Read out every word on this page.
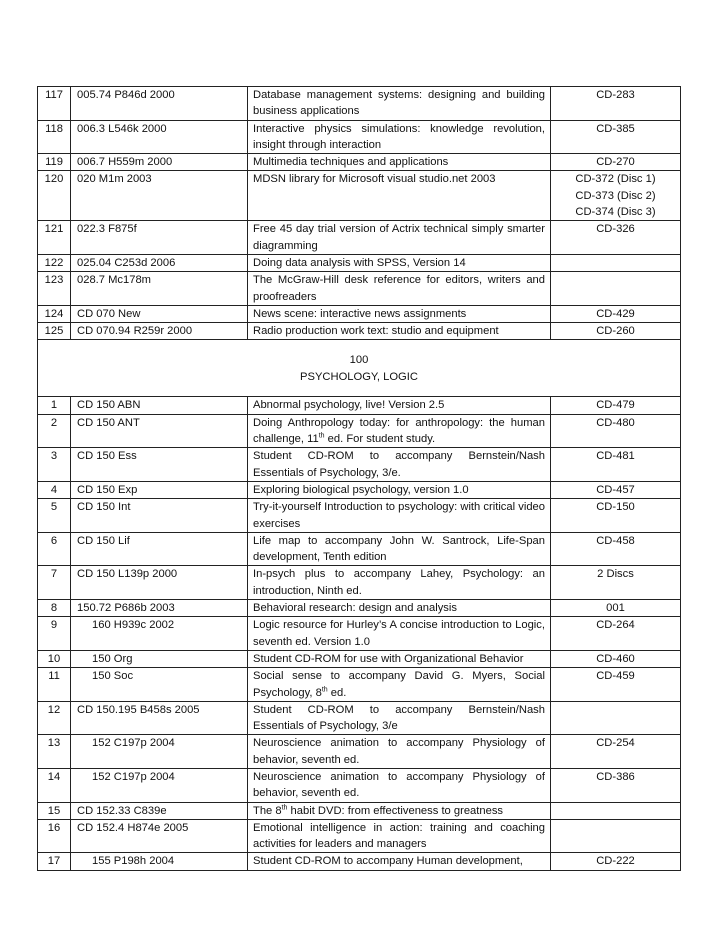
117	005.74 P846d 2000	Database management systems: designing and building business applications	CD-283

118	006.3 L546k 2000	Interactive physics simulations: knowledge revolution, insight through interaction	CD-385

119	006.7 H559m 2000	Multimedia techniques and applications	CD-270

120	020 M1m 2003	MDSN library for Microsoft visual studio.net 2003	CD-372 (Disc 1)
CD-373 (Disc 2)
CD-374 (Disc 3)

121	022.3 F875f	Free 45 day trial version of Actrix technical simply smarter diagramming	CD-326

122	025.04 C253d 2006	Doing data analysis with SPSS, Version 14	
123	028.7 Mc178m	The McGraw-Hill desk reference for editors, writers and proofreaders	
124	CD 070 New	News scene: interactive news assignments	CD-429

125	CD 070.94 R259r 2000	Radio production work text: studio and equipment	CD-260

100
PSYCHOLOGY, LOGIC			

1	CD 150 ABN	Abnormal psychology, live! Version 2.5	CD-479

2	CD 150 ANT	Doing Anthropology today: for anthropology: the human challenge, 11th ed. For student study.	CD-480

3	CD 150 Ess	Student CD-ROM to accompany Bernstein/Nash Essentials of Psychology, 3/e.	CD-481

4	CD 150 Exp	Exploring biological psychology, version 1.0	CD-457

5	CD 150 Int	Try-it-yourself Introduction to psychology: with critical video exercises	CD-150

6	CD 150 Lif	Life map to accompany John W. Santrock, Life-Span development, Tenth edition	CD-458

7	CD 150 L139p 2000	In-psych plus to accompany Lahey, Psychology: an introduction, Ninth ed.	2 Discs

8	150.72 P686b 2003	Behavioral research: design and analysis	001

9	160 H939c 2002	Logic resource for Hurley’s A concise introduction to Logic, seventh ed. Version 1.0	CD-264

10	150 Org	Student CD-ROM for use with Organizational Behavior	CD-460

11	150 Soc	Social sense to accompany David G. Myers, Social Psychology, 8th ed.	CD-459

12	CD 150.195 B458s 2005	Student CD-ROM to accompany Bernstein/Nash Essentials of Psychology, 3/e	
13	152 C197p 2004	Neuroscience animation to accompany Physiology of behavior, seventh ed.	CD-254

14	152 C197p 2004	Neuroscience animation to accompany Physiology of behavior, seventh ed.	CD-386

15	CD 152.33 C839e	The 8th habit DVD: from effectiveness to greatness	
16	CD 152.4 H874e 2005	Emotional intelligence in action: training and coaching activities for leaders and managers	
17	155 P198h 2004	Student CD-ROM to accompany Human development,	CD-222
